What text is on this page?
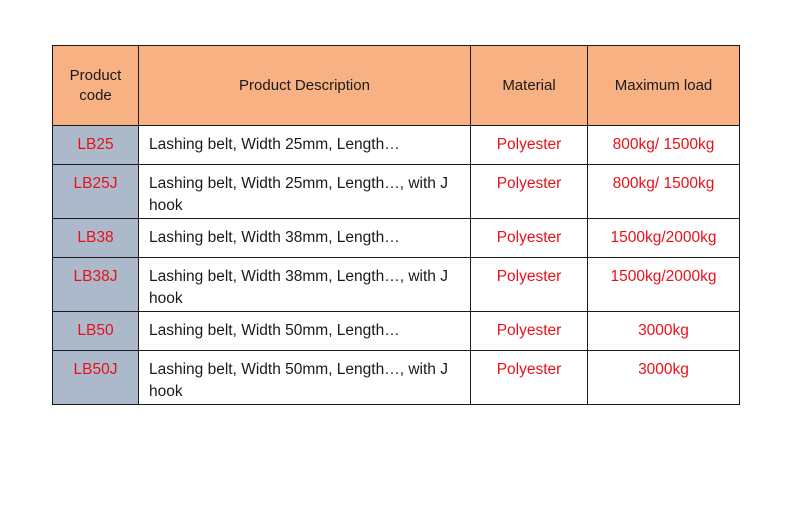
Product
code	Product Description	Material	Maximum load
LB25	Lashing belt, Width 25mm, Length…	Polyester	800kg/ 1500kg
LB25J	Lashing belt, Width 25mm, Length…, with J hook	Polyester	800kg/ 1500kg
LB38	Lashing belt, Width 38mm, Length…	Polyester	1500kg/2000kg
LB38J	Lashing belt, Width 38mm, Length…, with J hook	Polyester	1500kg/2000kg
LB50	Lashing belt, Width 50mm, Length…	Polyester	3000kg
LB50J	Lashing belt, Width 50mm, Length…, with J hook	Polyester	3000kg
